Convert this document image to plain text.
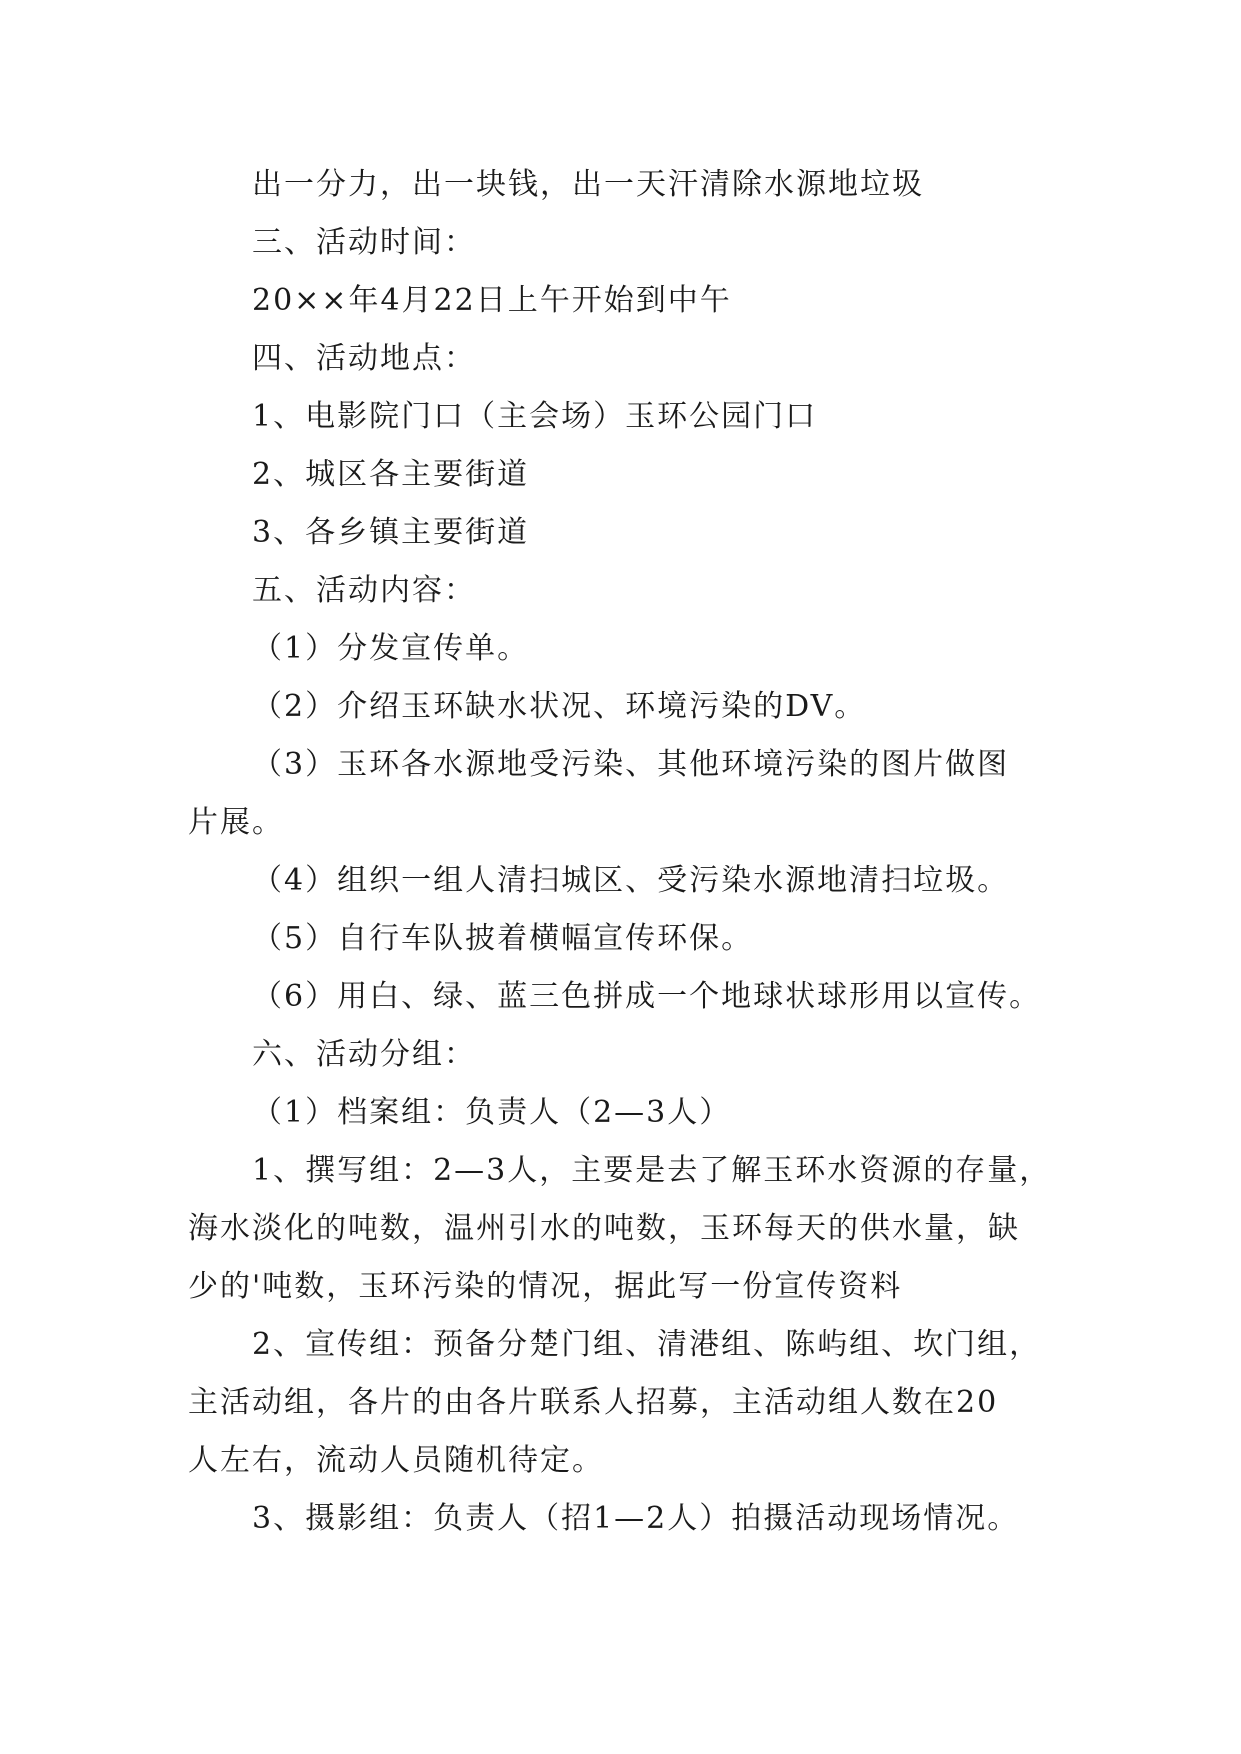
出一分力，出一块钱，出一天汗清除水源地垃圾

三、活动时间：

20××年4月22日上午开始到中午

四、活动地点：

1、电影院门口（主会场）玉环公园门口

2、城区各主要街道

3、各乡镇主要街道

五、活动内容：

（1）分发宣传单。

（2）介绍玉环缺水状况、环境污染的DV。

（3）玉环各水源地受污染、其他环境污染的图片做图

片展。

（4）组织一组人清扫城区、受污染水源地清扫垃圾。

（5）自行车队披着横幅宣传环保。

（6）用白、绿、蓝三色拼成一个地球状球形用以宣传。

六、活动分组：

（1）档案组：负责人（2—3人）

1、撰写组：2—3人，主要是去了解玉环水资源的存量，

海水淡化的吨数，温州引水的吨数，玉环每天的供水量，缺

少的'吨数，玉环污染的情况，据此写一份宣传资料

2、宣传组：预备分楚门组、清港组、陈屿组、坎门组，

主活动组，各片的由各片联系人招募，主活动组人数在20

人左右，流动人员随机待定。

3、摄影组：负责人（招1—2人）拍摄活动现场情况。
